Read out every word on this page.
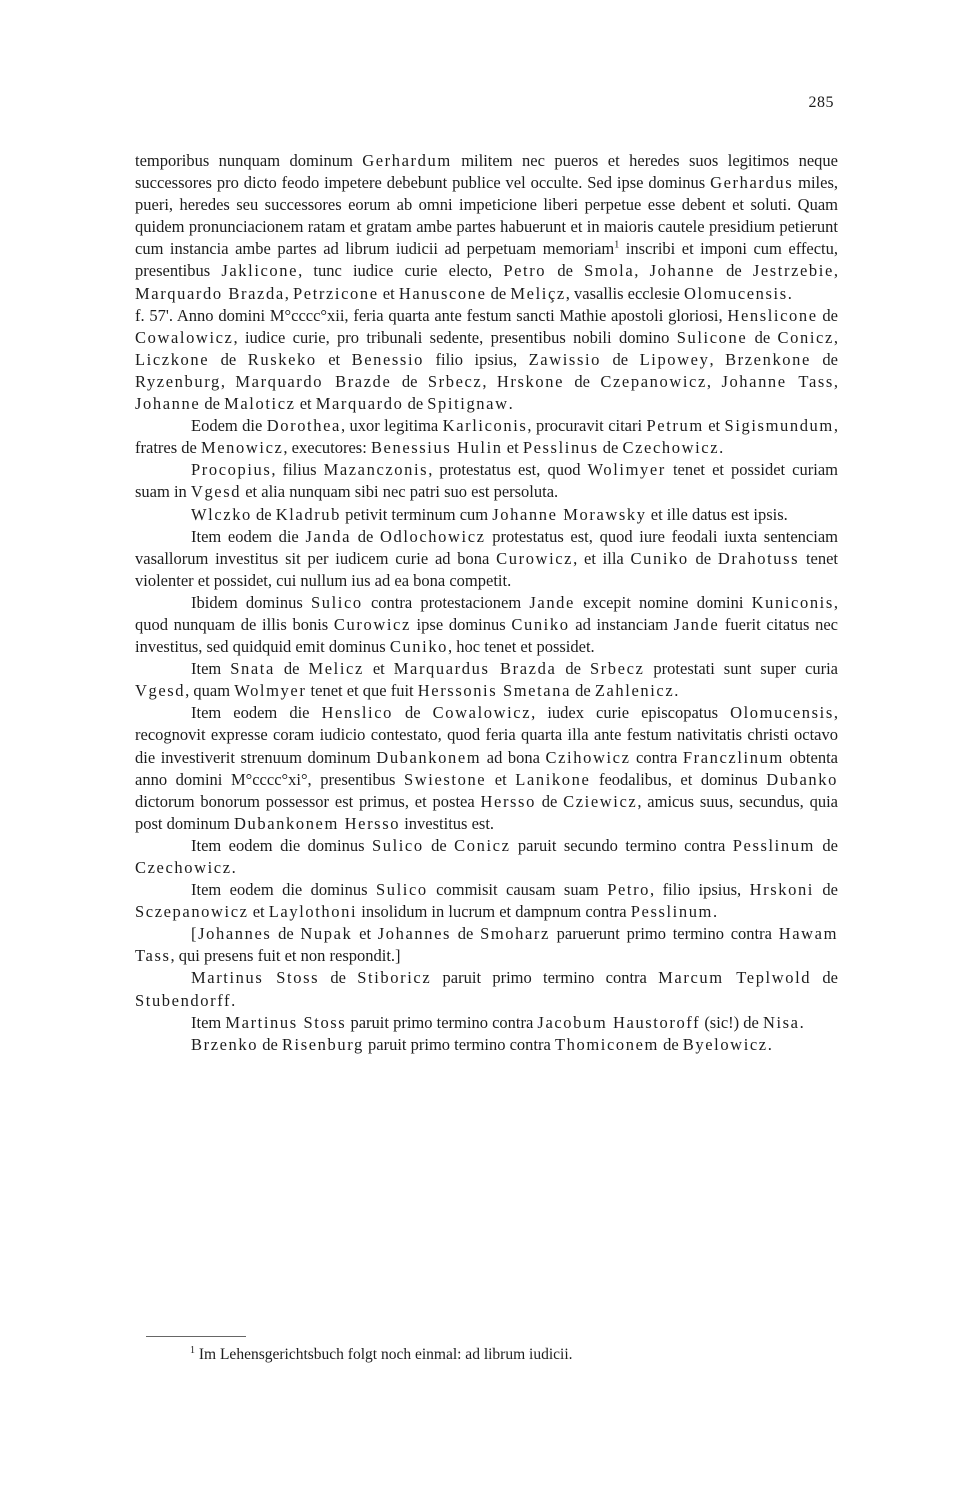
285

temporibus nunquam dominum Gerhardum militem nec pueros et heredes suos legitimos neque successores pro dicto feodo impetere debebunt publice vel occulte. Sed ipse dominus Gerhardus miles, pueri, heredes seu successores eorum ab omni impeticione liberi perpetue esse debent et soluti. Quam quidem pronunciacionem ratam et gratam ambe partes habuerunt et in maioris cautele presidium petierunt cum instancia ambe partes ad librum iudicii ad perpetuam memoriam$^1$ inscribi et imponi cum effectu, presentibus Jaklicone, tunc iudice curie electo, Petro de Smola, Johanne de Jestrzebie, Marquardo Brazda, Petrzicone et Hanuscone de Meliçz, vasallis ecclesie Olomucensis.

f. 57'. Anno domini M°cccc°xii, feria quarta ante festum sancti Mathie apostoli gloriosi, Henslicone de Cowalowicz, iudice curie, pro tribunali sedente, presentibus nobili domino Sulicone de Conicz, Liczkone de Ruskeko et Benessio filio ipsius, Zawissio de Lipowey, Brzenkone de Ryzenburg, Marquardo Brazde de Srbecz, Hrskone de Czepanowicz, Johanne Tass, Johanne de Maloticz et Marquardo de Spitignaw.

Eodem die Dorothea, uxor legitima Karliconis, procuravit citari Petrum et Sigismundum, fratres de Menowicz, executores: Benessius Hulin et Pesslinus de Czechowicz.

Procopius, filius Mazanczonis, protestatus est, quod Wolimyer tenet et possidet curiam suam in Vgesd et alia nunquam sibi nec patri suo est persoluta.

Wlczko de Kladrub petivit terminum cum Johanne Morawsky et ille datus est ipsis.

Item eodem die Janda de Odlochowicz protestatus est, quod iure feodali iuxta sentenciam vasallorum investitus sit per iudicem curie ad bona Curowicz, et illa Cuniko de Drahotuss tenet violenter et possidet, cui nullum ius ad ea bona competit.

Ibidem dominus Sulico contra protestacionem Jande excepit nomine domini Kuniconis, quod nunquam de illis bonis Curowicz ipse dominus Cuniko ad instanciam Jande fuerit citatus nec investitus, sed quidquid emit dominus Cuniko, hoc tenet et possidet.

Item Snata de Melicz et Marquardus Brazda de Srbecz protestati sunt super curia Vgesd, quam Wolmyer tenet et que fuit Herssonis Smetana de Zahlenicz.

Item eodem die Henslico de Cowalowicz, iudex curie episcopatus Olomucensis, recognovit expresse coram iudicio contestato, quod feria quarta illa ante festum nativitatis christi octavo die investiverit strenuum dominum Dubankonem ad bona Czihowicz contra Franczlinum obtenta anno domini M°cccc°xi°, presentibus Swiestone et Lanikone feodalibus, et dominus Dubanko dictorum bonorum possessor est primus, et postea Hersso de Cziewicz, amicus suus, secundus, quia post dominum Dubankonem Hersso investitus est.

Item eodem die dominus Sulico de Conicz paruit secundo termino contra Pesslinum de Czechowicz.

Item eodem die dominus Sulico commisit causam suam Petro, filio ipsius, Hrskoni de Sczepanowicz et Laylothoni insolidum in lucrum et dampnum contra Pesslinum.

[Johannes de Nupak et Johannes de Smoharz paruerunt primo termino contra Hawam Tass, qui presens fuit et non respondit.]

Martinus Stoss de Stiboricz paruit primo termino contra Marcum Teplwold de Stubendorff.

Item Martinus Stoss paruit primo termino contra Jacobum Haustoroff (sic!) de Nisa.

Brzenko de Risenburg paruit primo termino contra Thomiconem de Byelowicz.

$^1$ Im Lehensgerichtsbuch folgt noch einmal: ad librum iudicii.
